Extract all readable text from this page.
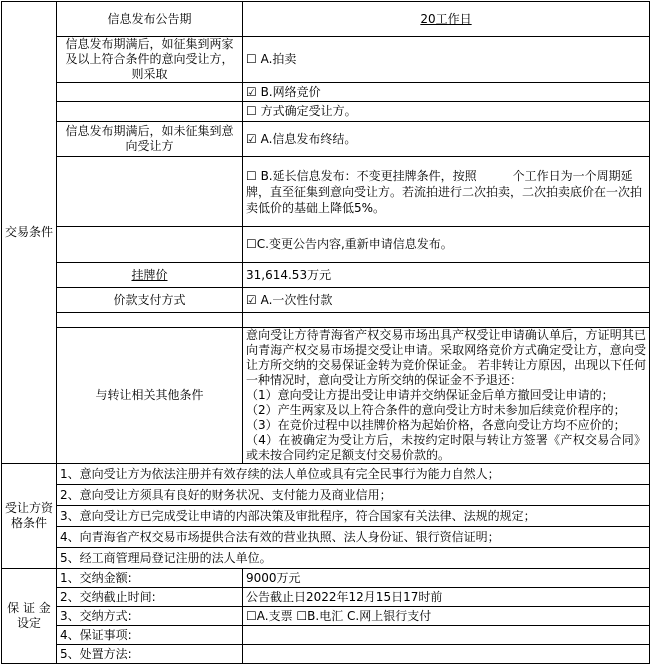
交易条件	信息发布公告期	20工作日
	信息发布期满后，如征集到两家及以上符合条件的意向受让方，则采取	☐ A.拍卖
		☑ B.网络竞价
		☐ 方式确定受让方。
	信息发布期满后，如未征集到意向受让方	☑ A.信息发布终结。
		☐ B.延长信息发布：不变更挂牌条件，按照 个工作日为一个周期延牌，直至征集到意向受让方。若流拍进行二次拍卖，二次拍卖底价在一次拍卖低价的基础上降低5%。
		☐C.变更公告内容,重新申请信息发布。
	挂牌价	31,614.53万元
	价款支付方式	☑ A.一次性付款

	与转让相关其他条件	意向受让方待青海省产权交易市场出具产权受让申请确认单后，方证明其已向青海产权交易市场提交受让申请。采取网络竞价方式确定受让方，意向受让方所交纳的交易保证金转为竞价保证金。 若非转让方原因，出现以下任何一种情况时，意向受让方所交纳的保证金不予退还：
（1）意向受让方提出受让申请并交纳保证金后单方撤回受让申请的；
（2）产生两家及以上符合条件的意向受让方时未参加后续竞价程序的；
（3）在竞价过程中以挂牌价格为起始价格，各意向受让方均不应价的；
（4）在被确定为受让方后，未按约定时限与转让方签署《产权交易合同》或未按合同约定足额支付交易价款的。

受让方资格条件	1、意向受让方为依法注册并有效存续的法人单位或具有完全民事行为能力自然人；	
	2、意向受让方须具有良好的财务状况、支付能力及商业信用；	
	3、意向受让方已完成受让申请的内部决策及审批程序，符合国家有关法律、法规的规定；	
	4、向青海省产权交易市场提供合法有效的营业执照、法人身份证、银行资信证明；	
	5、经工商管理局登记注册的法人单位。	
保 证 金设定	1、交纳金额:	9000万元
	2、交纳截止时间:	公告截止日2022年12月15日17时前
	3、交纳方式:	☐A.支票 ☐B.电汇 C.网上银行支付
	4、保证事项:	
	5、处置方法:	
